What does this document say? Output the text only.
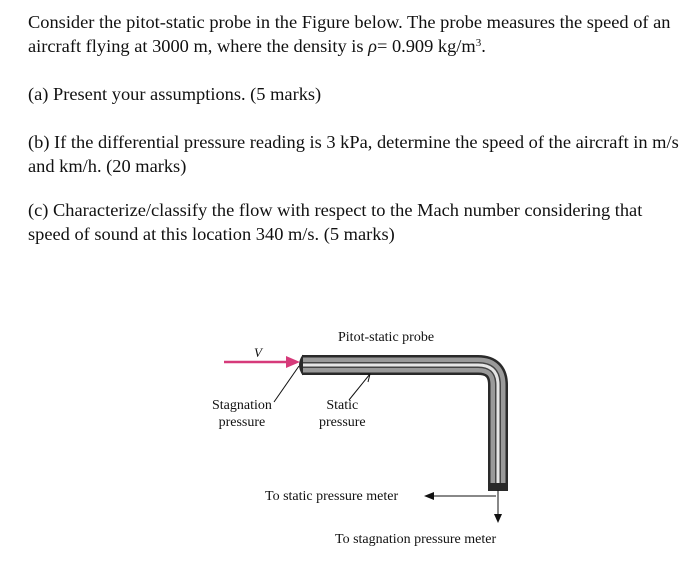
Consider the pitot-static probe in the Figure below. The probe measures the speed of an aircraft flying at 3000 m, where the density is ρ= 0.909 $kg/m^3$.

(a) Present your assumptions. (5 marks)

(b) If the differential pressure reading is 3 kPa, determine the speed of the aircraft in m/s and km/h. (20 marks)

(c) Characterize/classify the flow with respect to the Mach number considering that speed of sound at this location 340 m/s. (5 marks)

Pitot-static probe
V
Stagnation
pressure
Static
pressure
To static pressure meter
To stagnation pressure meter
